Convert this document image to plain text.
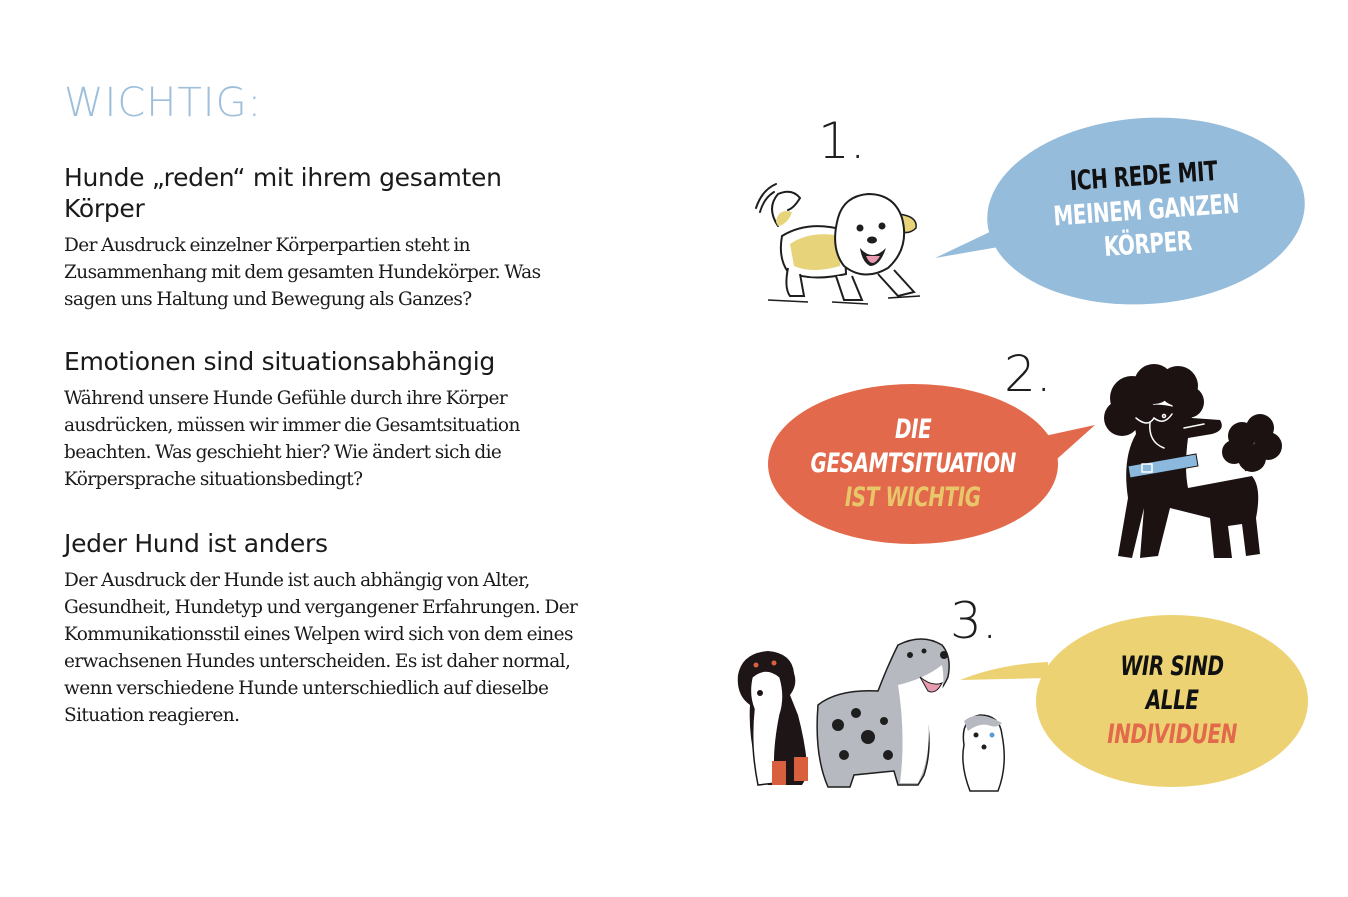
WICHTIG:
Hunde „reden“ mit ihrem gesamten Körper

Der Ausdruck einzelner Körperpartien steht in Zusammenhang mit dem gesamten Hundekörper. Was sagen uns Haltung und Bewegung als Ganzes?

Emotionen sind situationsabhängig

Während unsere Hunde Gefühle durch ihre Körper ausdrücken, müssen wir immer die Gesamtsituation beachten. Was geschieht hier? Wie ändert sich die Körpersprache situationsbedingt?

Jeder Hund ist anders

Der Ausdruck der Hunde ist auch abhängig von Alter, Gesundheit, Hundetyp und vergangener Erfahrungen. Der Kommunikationsstil eines Welpen wird sich von dem eines erwachsenen Hundes unterscheiden. Es ist daher normal, wenn verschiedene Hunde unterschiedlich auf dieselbe Situation reagieren.

1.
ICH REDE MIT
MEINEM GANZEN
KÖRPER
2.
DIE
GESAMTSITUATION
IST WICHTIG
3.
WIR SIND
ALLE
INDIVIDUEN
